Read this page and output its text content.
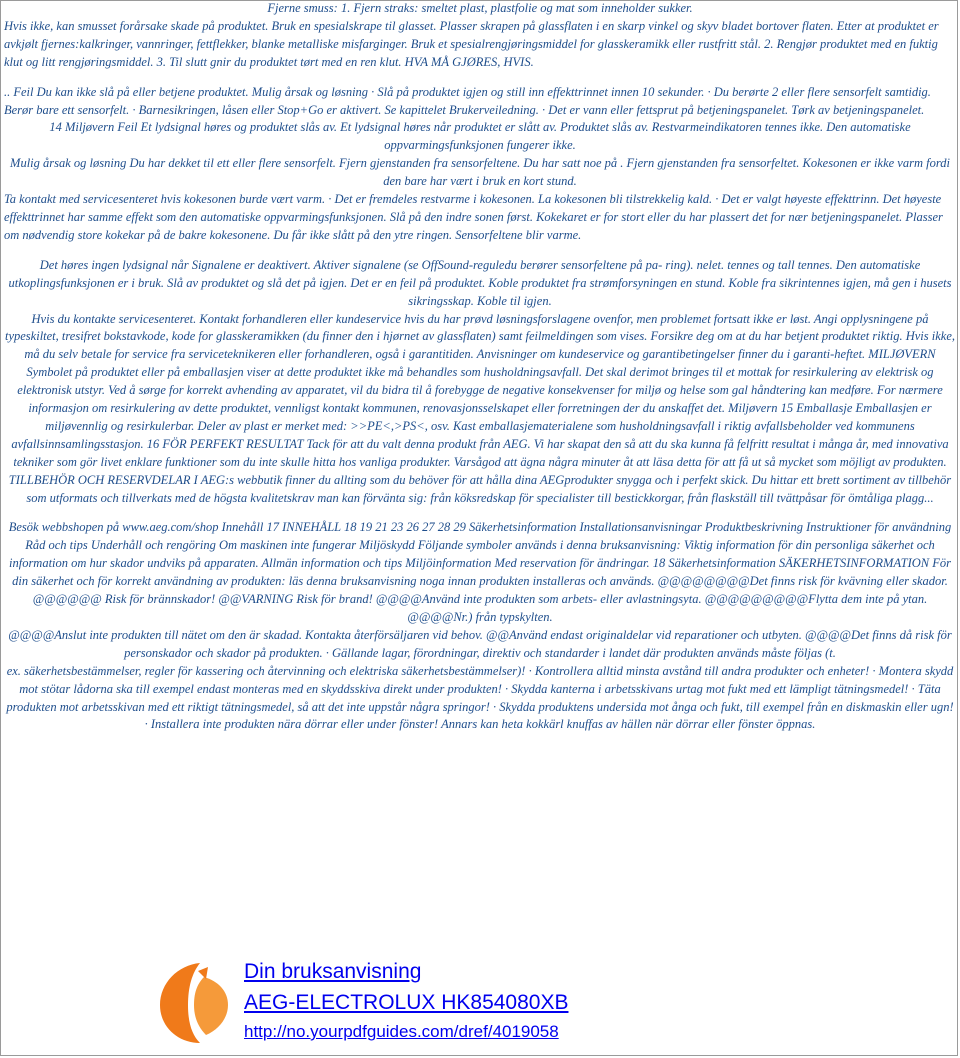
Fjerne smuss: 1. Fjern straks: smeltet plast, plastfolie og mat som inneholder sukker.

Hvis ikke, kan smusset forårsake skade på produktet. Bruk en spesialskrape til glasset. Plasser skrapen på glassflaten i en skarp vinkel og skyv bladet bortover flaten. Etter at produktet er avkjølt fjernes:kalkringer, vannringer, fettflekker, blanke metalliske misfarginger. Bruk et spesialrengjøringsmiddel for glasskeramikk eller rustfritt stål. 2. Rengjør produktet med en fuktig klut og litt rengjøringsmiddel. 3. Til slutt gnir du produktet tørt med en ren klut. HVA MÅ GJØRES, HVIS.

.. Feil Du kan ikke slå på eller betjene produktet. Mulig årsak og løsning · Slå på produktet igjen og still inn effekttrinnet innen 10 sekunder. · Du berørte 2 eller flere sensorfelt samtidig. Berør bare ett sensorfelt. · Barnesikringen, låsen eller Stop+Go er aktivert. Se kapittelet Brukerveiledning. · Det er vann eller fettsprut på betjeningspanelet. Tørk av betjeningspanelet.

14 Miljøvern Feil Et lydsignal høres og produktet slås av. Et lydsignal høres når produktet er slått av. Produktet slås av. Restvarmeindikatoren tennes ikke. Den automatiske oppvarmingsfunksjonen fungerer ikke.

Mulig årsak og løsning Du har dekket til ett eller flere sensorfelt. Fjern gjenstanden fra sensorfeltene. Du har satt noe på . Fjern gjenstanden fra sensorfeltet. Kokesonen er ikke varm fordi den bare har vært i bruk en kort stund.

Ta kontakt med servicesenteret hvis kokesonen burde vært varm. · Det er fremdeles restvarme i kokesonen. La kokesonen bli tilstrekkelig kald. · Det er valgt høyeste effekttrinn. Det høyeste effekttrinnet har samme effekt som den automatiske oppvarmingsfunksjonen. Slå på den indre sonen først. Kokekaret er for stort eller du har plassert det for nær betjeningspanelet. Plasser om nødvendig store kokekar på de bakre kokesonene. Du får ikke slått på den ytre ringen. Sensorfeltene blir varme.

Det høres ingen lydsignal når Signalene er deaktivert. Aktiver signalene (se OffSound-reguledu berører sensorfeltene på pa- ring). nelet. tennes og tall tennes. Den automatiske utkoplingsfunksjonen er i bruk. Slå av produktet og slå det på igjen. Det er en feil på produktet. Koble produktet fra strømforsyningen en stund. Koble fra sikrintennes igjen, må gen i husets sikringsskap. Koble til igjen.

Hvis du kontakte servicesenteret. Kontakt forhandleren eller kundeservice hvis du har prøvd løsningsforslagene ovenfor, men problemet fortsatt ikke er løst. Angi opplysningene på typeskiltet, tresifret bokstavkode, kode for glasskeramikken (du finner den i hjørnet av glassflaten) samt feilmeldingen som vises. Forsikre deg om at du har betjent produktet riktig. Hvis ikke, må du selv betale for service fra serviceteknikeren eller forhandleren, også i garantitiden. Anvisninger om kundeservice og garantibetingelser finner du i garanti-heftet. MILJØVERN Symbolet på produktet eller på emballasjen viser at dette produktet ikke må behandles som husholdningsavfall. Det skal derimot bringes til et mottak for resirkulering av elektrisk og elektronisk utstyr. Ved å sørge for korrekt avhending av apparatet, vil du bidra til å forebygge de negative konsekvenser for miljø og helse som gal håndtering kan medføre. For nærmere informasjon om resirkulering av dette produktet, vennligst kontakt kommunen, renovasjonsselskapet eller forretningen der du anskaffet det. Miljøvern 15 Emballasje Emballasjen er miljøvennlig og resirkulerbar. Deler av plast er merket med: >>PE<,>PS<, osv. Kast emballasjematerialene som husholdningsavfall i riktig avfallsbeholder ved kommunens avfallsinnsamlingsstasjon. 16 FÖR PERFEKT RESULTAT Tack för att du valt denna produkt från AEG. Vi har skapat den så att du ska kunna få felfritt resultat i många år, med innovativa tekniker som gör livet enklare funktioner som du inte skulle hitta hos vanliga produkter. Varsågod att ägna några minuter åt att läsa detta för att få ut så mycket som möjligt av produkten. TILLBEHÖR OCH RESERVDELAR I AEG:s webbutik finner du allting som du behöver för att hålla dina AEGprodukter snygga och i perfekt skick. Du hittar ett brett sortiment av tillbehör som utformats och tillverkats med de högsta kvalitetskrav man kan förvänta sig: från köksredskap för specialister till bestickkorgar, från flaskställ till tvättpåsar för ömtåliga plagg...

Besök webbshopen på www.aeg.com/shop Innehåll 17 INNEHÅLL 18 19 21 23 26 27 28 29 Säkerhetsinformation Installationsanvisningar Produktbeskrivning Instruktioner för användning Råd och tips Underhåll och rengöring Om maskinen inte fungerar Miljöskydd Följande symboler används i denna bruksanvisning: Viktig information för din personliga säkerhet och information om hur skador undviks på apparaten. Allmän information och tips Miljöinformation Med reservation för ändringar. 18 Säkerhetsinformation SÄKERHETSINFORMATION För din säkerhet och för korrekt användning av produkten: läs denna bruksanvisning noga innan produkten installeras och används. @@@@@@@@Det finns risk för kvävning eller skador. @@@@@@ Risk för brännskador! @@VARNING Risk för brand! @@@@Använd inte produkten som arbets- eller avlastningsyta. @@@@@@@@@Flytta dem inte på ytan. @@@@Nr.) från typskylten.

@@@@Anslut inte produkten till nätet om den är skadad. Kontakta återförsäljaren vid behov. @@Använd endast originaldelar vid reparationer och utbyten. @@@@Det finns då risk för personskador och skador på produkten. · Gällande lagar, förordningar, direktiv och standarder i landet där produkten används måste följas (t.

ex. säkerhetsbestämmelser, regler för kassering och återvinning och elektriska säkerhetsbestämmelser)! · Kontrollera alltid minsta avstånd till andra produkter och enheter! · Montera skydd mot stötar lådorna ska till exempel endast monteras med en skyddsskiva direkt under produkten! · Skydda kanterna i arbetsskivans urtag mot fukt med ett lämpligt tätningsmedel! · Täta produkten mot arbetsskivan med ett riktigt tätningsmedel, så att det inte uppstår några springor! · Skydda produktens undersida mot ånga och fukt, till exempel från en diskmaskin eller ugn! · Installera inte produkten nära dörrar eller under fönster! Annars kan heta kokkärl knuffas av hällen när dörrar eller fönster öppnas.

Din bruksanvisning
AEG-ELECTROLUX HK854080XB
http://no.yourpdfguides.com/dref/4019058
